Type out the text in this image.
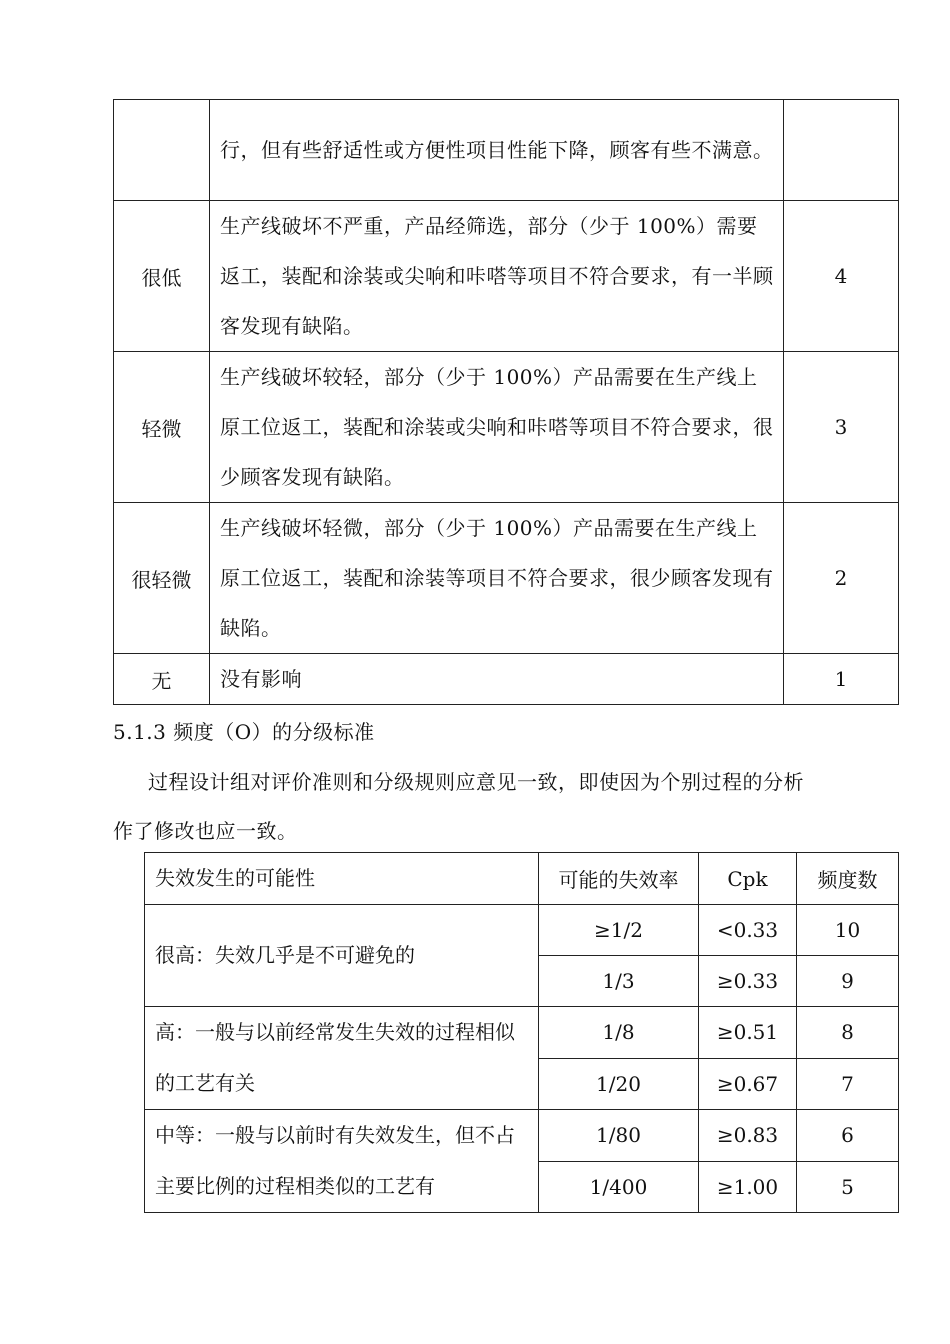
	行，但有些舒适性或方便性项目性能下降，顾客有些不满意。	
很低	生产线破坏不严重，产品经筛选，部分（少于 100%）需要返工，装配和涂装或尖响和咔嗒等项目不符合要求，有一半顾客发现有缺陷。	4
轻微	生产线破坏较轻，部分（少于 100%）产品需要在生产线上原工位返工，装配和涂装或尖响和咔嗒等项目不符合要求，很少顾客发现有缺陷。	3
很轻微	生产线破坏轻微，部分（少于 100%）产品需要在生产线上原工位返工，装配和涂装等项目不符合要求，很少顾客发现有缺陷。	2
无	没有影响	1
5.1.3 频度（O）的分级标准
过程设计组对评价准则和分级规则应意见一致，即使因为个别过程的分析
作了修改也应一致。
失效发生的可能性	可能的失效率	Cpk	频度数
很高：失效几乎是不可避免的	≥1/2	<0.33	10
	1/3	≥0.33	9
高：一般与以前经常发生失效的过程相似的工艺有关	1/8	≥0.51	8
	1/20	≥0.67	7
中等：一般与以前时有失效发生，但不占主要比例的过程相类似的工艺有	1/80	≥0.83	6
	1/400	≥1.00	5
